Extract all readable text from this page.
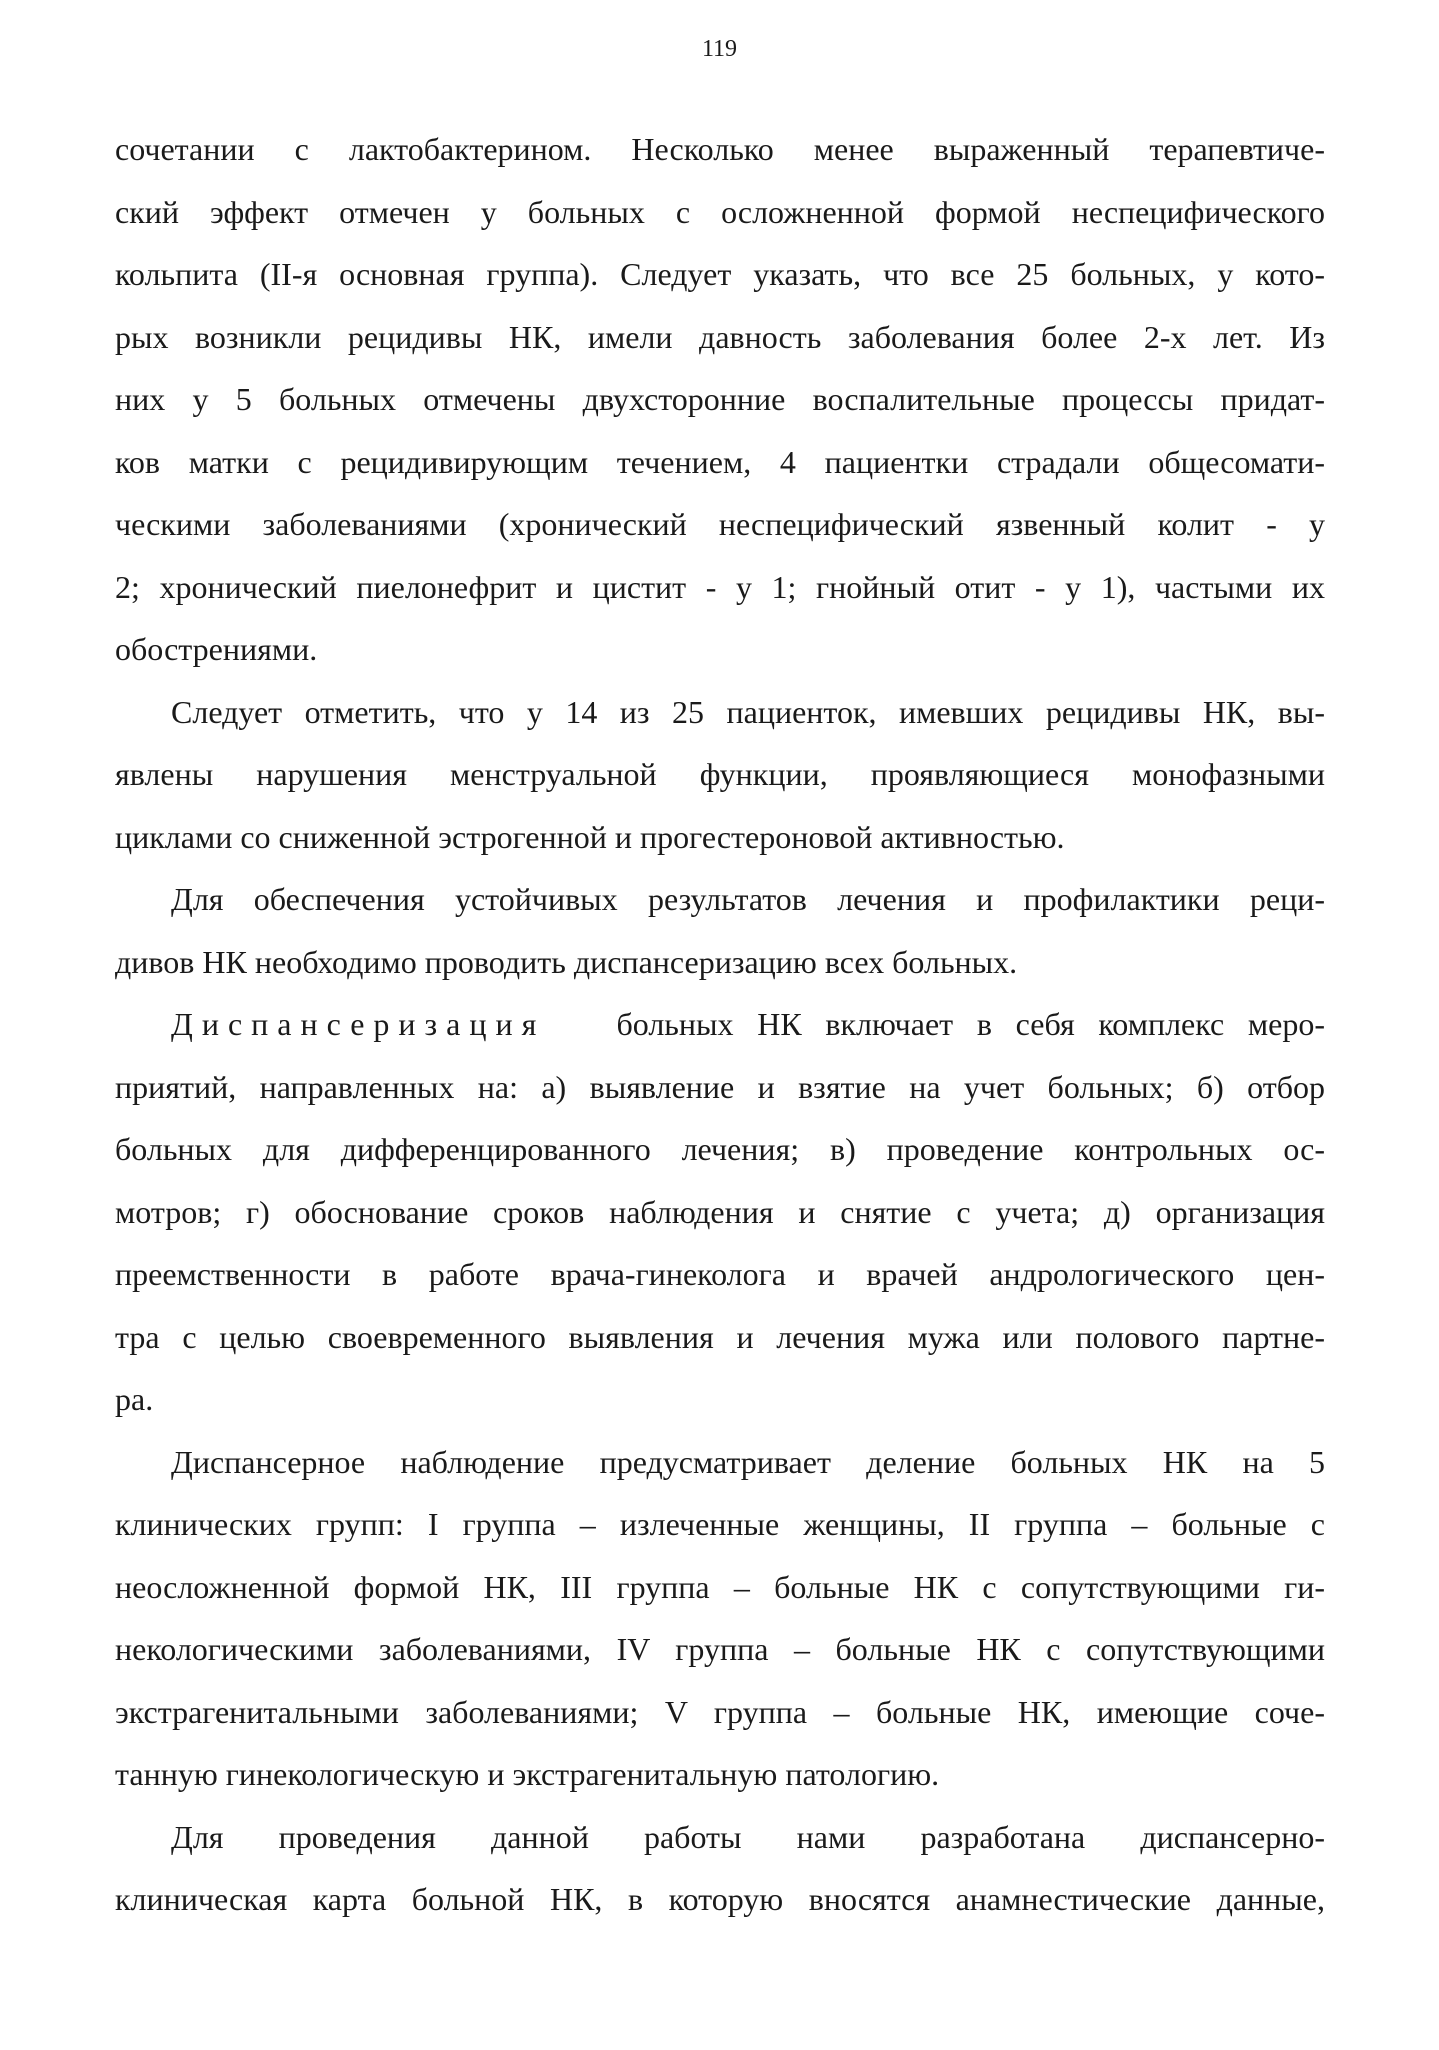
119
сочетании с лактобактерином. Несколько менее выраженный терапевтиче-
ский эффект отмечен у больных с осложненной формой неспецифического
кольпита (II-я основная группа). Следует указать, что все 25 больных, у кото-
рых возникли рецидивы НК, имели давность заболевания более 2-х лет. Из
них у 5 больных отмечены двухсторонние воспалительные процессы придат-
ков матки с рецидивирующим течением, 4 пациентки страдали общесомати-
ческими заболеваниями (хронический неспецифический язвенный колит - у
2; хронический пиелонефрит и цистит - у 1; гнойный отит - у 1), частыми их
обострениями.
Следует отметить, что у 14 из 25 пациенток, имевших рецидивы НК, вы-
явлены нарушения менструальной функции, проявляющиеся монофазными
циклами со сниженной эстрогенной и прогестероновой активностью.
Для обеспечения устойчивых результатов лечения и профилактики реци-
дивов НК необходимо проводить диспансеризацию всех больных.
Диспансеризация больных НК включает в себя комплекс меро-
приятий, направленных на: а) выявление и взятие на учет больных; б) отбор
больных для дифференцированного лечения; в) проведение контрольных ос-
мотров; г) обоснование сроков наблюдения и снятие с учета; д) организация
преемственности в работе врача-гинеколога и врачей андрологического цен-
тра с целью своевременного выявления и лечения мужа или полового партне-
ра.
Диспансерное наблюдение предусматривает деление больных НК на 5
клинических групп: I группа – излеченные женщины, II группа – больные с
неосложненной формой НК, III группа – больные НК с сопутствующими ги-
некологическими заболеваниями, IV группа – больные НК с сопутствующими
экстрагенитальными заболеваниями; V группа – больные НК, имеющие соче-
танную гинекологическую и экстрагенитальную патологию.
Для проведения данной работы нами разработана диспансерно-
клиническая карта больной НК, в которую вносятся анамнестические данные,
